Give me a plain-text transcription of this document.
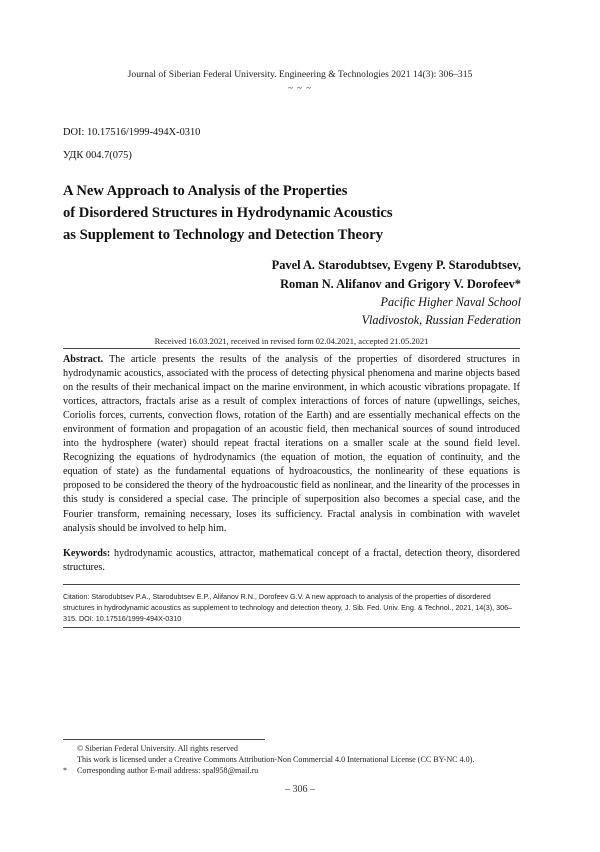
Journal of Siberian Federal University. Engineering & Technologies 2021 14(3): 306–315
~ ~ ~
DOI: 10.17516/1999-494X-0310
УДК 004.7(075)
A New Approach to Analysis of the Properties
of Disordered Structures in Hydrodynamic Acoustics
as Supplement to Technology and Detection Theory
Pavel A. Starodubtsev, Evgeny P. Starodubtsev,
Roman N. Alifanov and Grigory V. Dorofeev*
Pacific Higher Naval School
Vladivostok, Russian Federation
Received 16.03.2021, received in revised form 02.04.2021, accepted 21.05.2021

Abstract. The article presents the results of the analysis of the properties of disordered structures in hydrodynamic acoustics, associated with the process of detecting physical phenomena and marine objects based on the results of their mechanical impact on the marine environment, in which acoustic vibrations propagate. If vortices, attractors, fractals arise as a result of complex interactions of forces of nature (upwellings, seiches, Coriolis forces, currents, convection flows, rotation of the Earth) and are essentially mechanical effects on the environment of formation and propagation of an acoustic field, then mechanical sources of sound introduced into the hydrosphere (water) should repeat fractal iterations on a smaller scale at the sound field level. Recognizing the equations of hydrodynamics (the equation of motion, the equation of continuity, and the equation of state) as the fundamental equations of hydroacoustics, the nonlinearity of these equations is proposed to be considered the theory of the hydroacoustic field as nonlinear, and the linearity of the processes in this study is considered a special case. The principle of superposition also becomes a special case, and the Fourier transform, remaining necessary, loses its sufficiency. Fractal analysis in combination with wavelet analysis should be involved to help him.

Keywords: hydrodynamic acoustics, attractor, mathematical concept of a fractal, detection theory, disordered structures.

Citation: Starodubtsev P.A., Starodubtsev E.P., Alifanov R.N., Dorofeev G.V. A new approach to analysis of the properties of disordered structures in hydrodynamic acoustics as supplement to technology and detection theory, J. Sib. Fed. Univ. Eng. & Technol., 2021, 14(3), 306–315. DOI: 10.17516/1999-494X-0310

© Siberian Federal University. All rights reserved
This work is licensed under a Creative Commons Attribution-Non Commercial 4.0 International License (CC BY-NC 4.0).
* Corresponding author E-mail address: spal958@mail.ru
– 306 –
